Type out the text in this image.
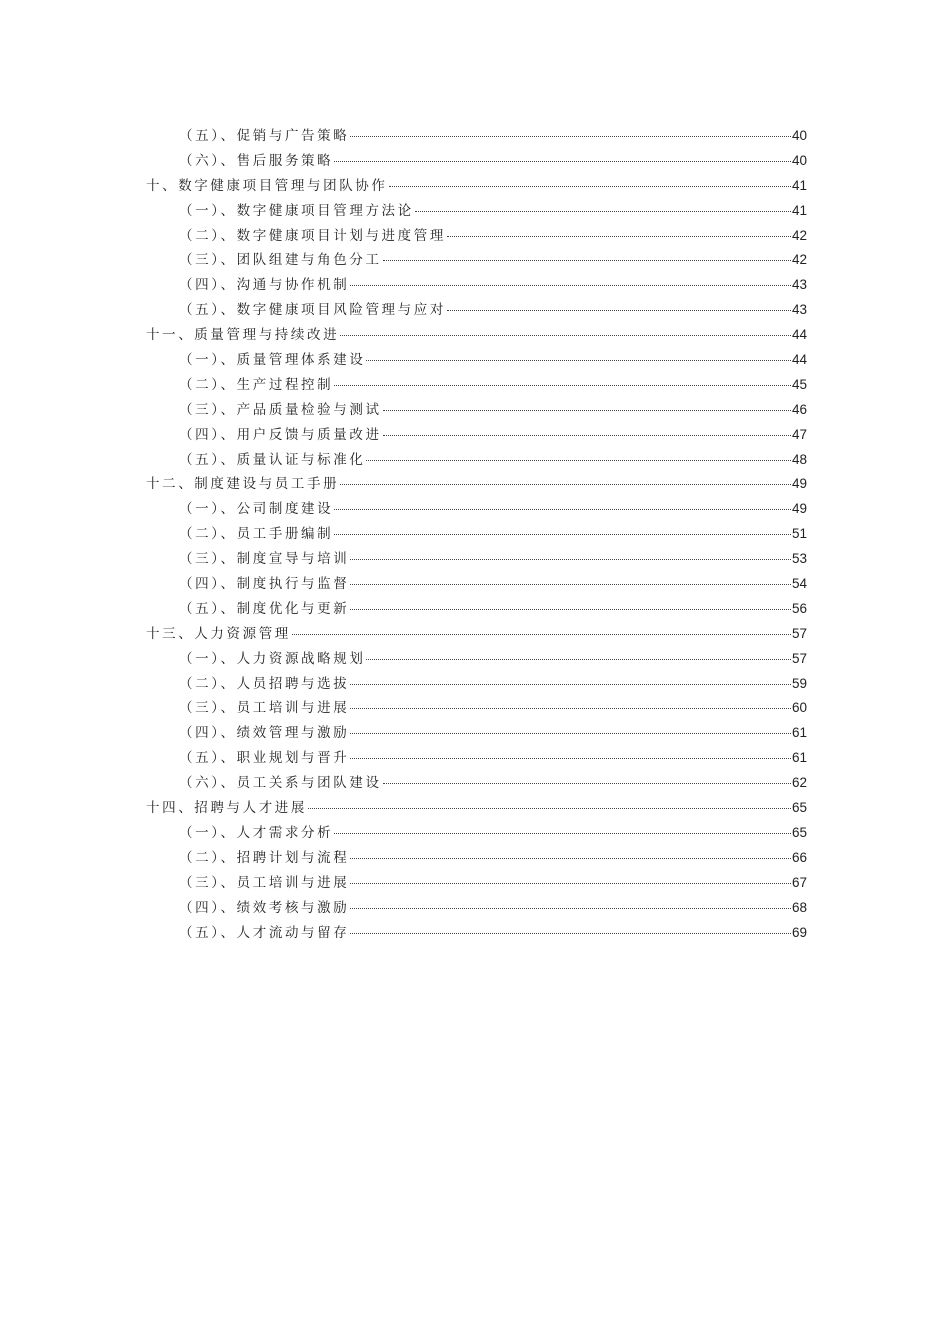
（五）、促销与广告策略	40
（六）、售后服务策略	40
十、数字健康项目管理与团队协作	41
（一）、数字健康项目管理方法论	41
（二）、数字健康项目计划与进度管理	42
（三）、团队组建与角色分工	42
（四）、沟通与协作机制	43
（五）、数字健康项目风险管理与应对	43
十一、质量管理与持续改进	44
（一）、质量管理体系建设	44
（二）、生产过程控制	45
（三）、产品质量检验与测试	46
（四）、用户反馈与质量改进	47
（五）、质量认证与标准化	48
十二、制度建设与员工手册	49
（一）、公司制度建设	49
（二）、员工手册编制	51
（三）、制度宣导与培训	53
（四）、制度执行与监督	54
（五）、制度优化与更新	56
十三、人力资源管理	57
（一）、人力资源战略规划	57
（二）、人员招聘与选拔	59
（三）、员工培训与进展	60
（四）、绩效管理与激励	61
（五）、职业规划与晋升	61
（六）、员工关系与团队建设	62
十四、招聘与人才进展	65
（一）、人才需求分析	65
（二）、招聘计划与流程	66
（三）、员工培训与进展	67
（四）、绩效考核与激励	68
（五）、人才流动与留存	69
